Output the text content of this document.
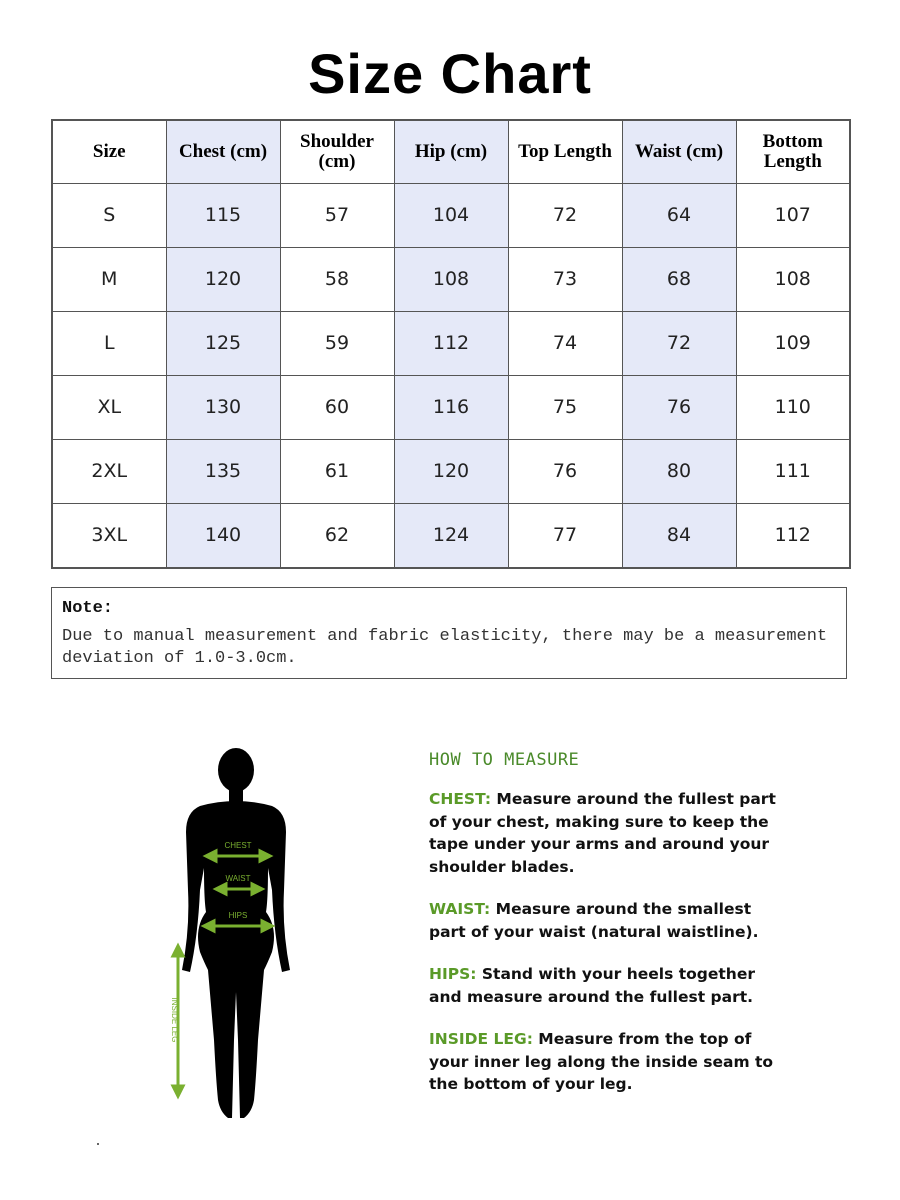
Size Chart
Size	Chest (cm)	Shoulder (cm)	Hip (cm)	Top Length	Waist (cm)	Bottom Length
S	115	57	104	72	64	107
M	120	58	108	73	68	108
L	125	59	112	74	72	109
XL	130	60	116	75	76	110
2XL	135	61	120	76	80	111
3XL	140	62	124	77	84	112
Note:
Due to manual measurement and fabric elasticity, there may be a measurement deviation of 1.0-3.0cm.
CHEST
WAIST
HIPS
INSIDE LEG
HOW TO MEASURE
CHEST: Measure around the fullest part of your chest, making sure to keep the tape under your arms and around your shoulder blades.
WAIST: Measure around the smallest part of your waist (natural waistline).
HIPS: Stand with your heels together and measure around the fullest part.
INSIDE LEG: Measure from the top of your inner leg along the inside seam to the bottom of your leg.
